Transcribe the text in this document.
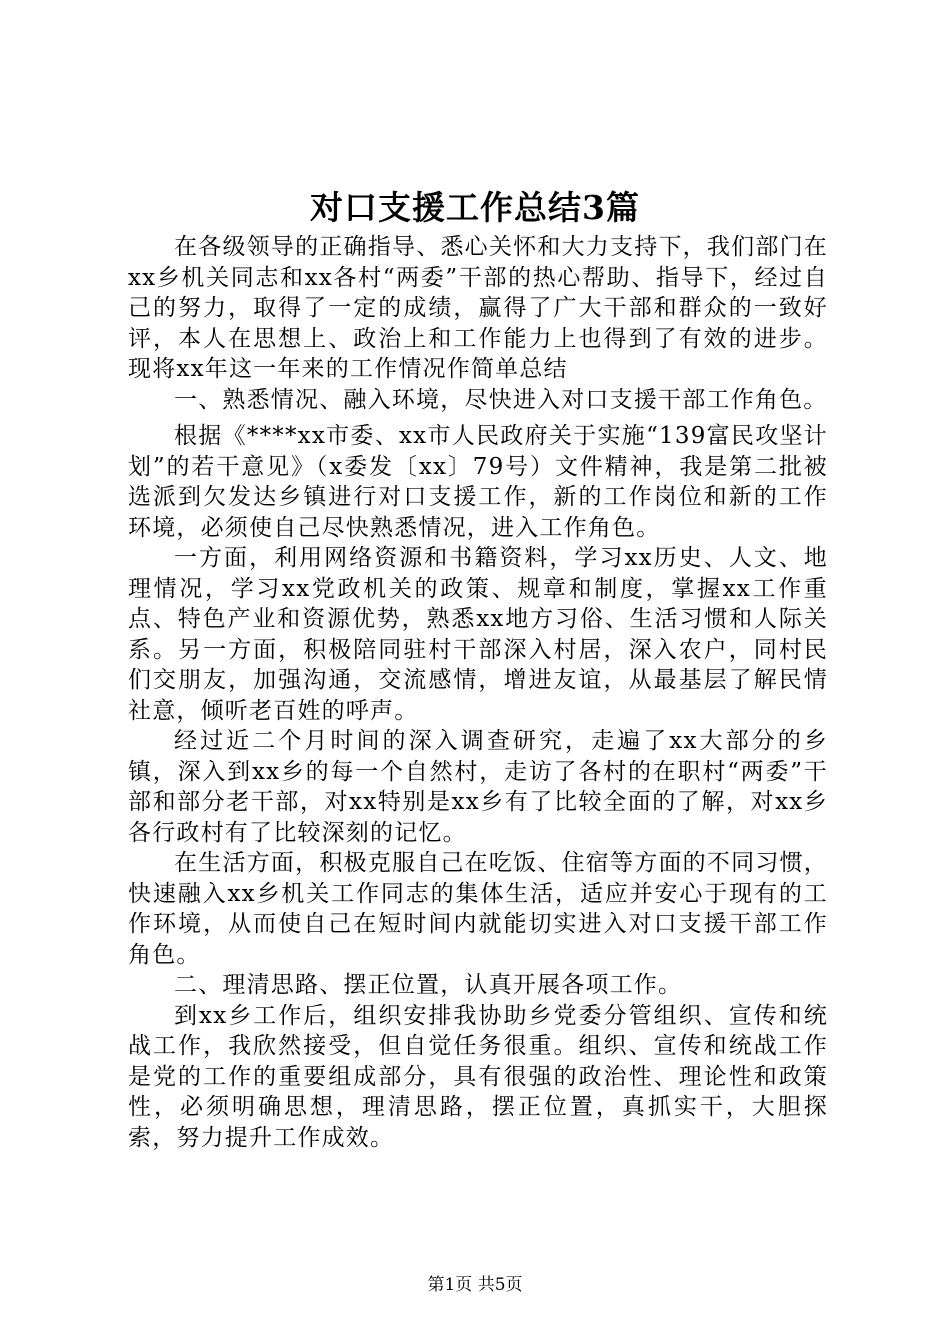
对口支援工作总结3篇

在各级领导的正确指导、悉心关怀和大力支持下，我们部门在xx乡机关同志和xx各村“两委”干部的热心帮助、指导下，经过自己的努力，取得了一定的成绩，赢得了广大干部和群众的一致好评，本人在思想上、政治上和工作能力上也得到了有效的进步。现将xx年这一年来的工作情况作简单总结

一、熟悉情况、融入环境，尽快进入对口支援干部工作角色。

根据《****xx市委、xx市人民政府关于实施“139富民攻坚计划”的若干意见》（x委发〔xx〕79号）文件精神，我是第二批被选派到欠发达乡镇进行对口支援工作，新的工作岗位和新的工作环境，必须使自己尽快熟悉情况，进入工作角色。

一方面，利用网络资源和书籍资料，学习xx历史、人文、地理情况，学习xx党政机关的政策、规章和制度，掌握xx工作重点、特色产业和资源优势，熟悉xx地方习俗、生活习惯和人际关系。另一方面，积极陪同驻村干部深入村居，深入农户，同村民们交朋友，加强沟通，交流感情，增进友谊，从最基层了解民情社意，倾听老百姓的呼声。

经过近二个月时间的深入调查研究，走遍了xx大部分的乡镇，深入到xx乡的每一个自然村，走访了各村的在职村“两委”干部和部分老干部，对xx特别是xx乡有了比较全面的了解，对xx乡各行政村有了比较深刻的记忆。

在生活方面，积极克服自己在吃饭、住宿等方面的不同习惯，快速融入xx乡机关工作同志的集体生活，适应并安心于现有的工作环境，从而使自己在短时间内就能切实进入对口支援干部工作角色。

二、理清思路、摆正位置，认真开展各项工作。

到xx乡工作后，组织安排我协助乡党委分管组织、宣传和统战工作，我欣然接受，但自觉任务很重。组织、宣传和统战工作是党的工作的重要组成部分，具有很强的政治性、理论性和政策性，必须明确思想，理清思路，摆正位置，真抓实干，大胆探索，努力提升工作成效。

第1页 共5页
